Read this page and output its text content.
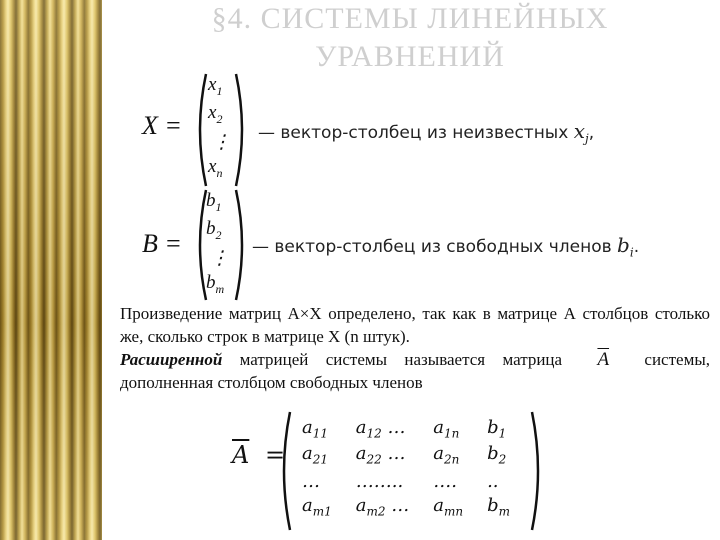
§4. СИСТЕМЫ ЛИНЕЙНЫХ
УРАВНЕНИЙ
X =
$x_1$
$x_2$
⋮
$x_n$
— вектор-столбец из неизвестных $x_j$,
B =
$b_1$
$b_2$
⋮
$b_m$
— вектор-столбец из свободных членов $b_i$.

Произведение матриц А×Х определено, так как в матрице А столбцов столько же, сколько строк в матрице Х (n штук).

Расширенной матрицей системы называется матрица $\overline{A}$ системы, дополненная столбцом свободных членов

$\overline{A}$ =
$a_{11}$	$a_{12}$ …	$a_{1n}$	$b_1$
$a_{21}$	$a_{22}$ …	$a_{2n}$	$b_2$
…	……..	….	..
$a_{m1}$	$a_{m2}$ …	$a_{mn}$	$b_m$
